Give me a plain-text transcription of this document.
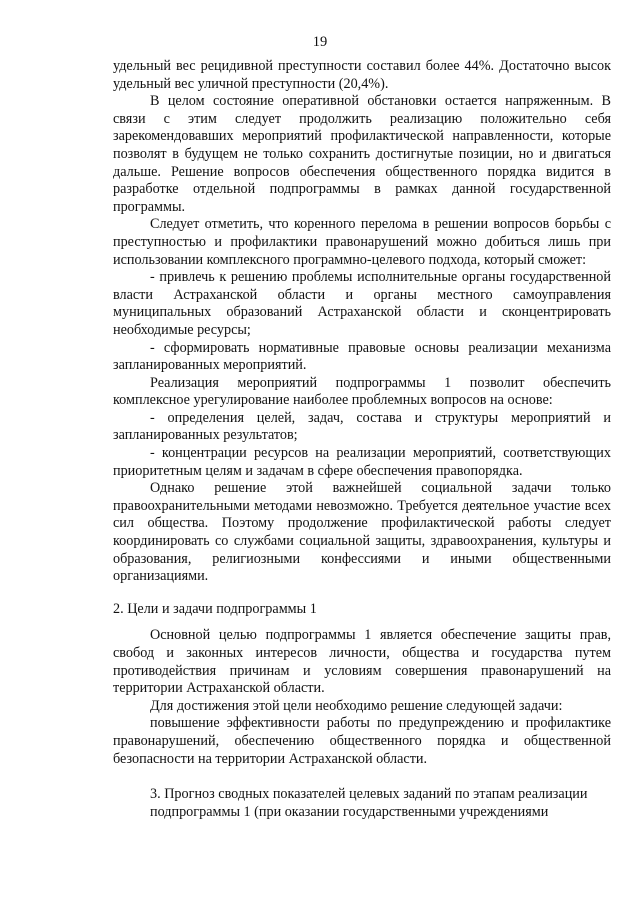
19

удельный вес рецидивной преступности составил более 44%. Достаточно высок удельный вес уличной преступности (20,4%).

В целом состояние оперативной обстановки остается напряженным. В связи с этим следует продолжить реализацию положительно себя зарекомендовавших мероприятий профилактической направленности, которые позволят в будущем не только сохранить достигнутые позиции, но и двигаться дальше. Решение вопросов обеспечения общественного порядка видится в разработке отдельной подпрограммы в рамках данной государственной программы.

Следует отметить, что коренного перелома в решении вопросов борьбы с преступностью и профилактики правонарушений можно добиться лишь при использовании комплексного программно-целевого подхода, который сможет:

- привлечь к решению проблемы исполнительные органы государственной власти Астраханской области и органы местного самоуправления муниципальных образований Астраханской области и сконцентрировать необходимые ресурсы;

- сформировать нормативные правовые основы реализации механизма запланированных мероприятий.

Реализация мероприятий подпрограммы 1 позволит обеспечить комплексное урегулирование наиболее проблемных вопросов на основе:

- определения целей, задач, состава и структуры мероприятий и запланированных результатов;

- концентрации ресурсов на реализации мероприятий, соответствующих приоритетным целям и задачам в сфере обеспечения правопорядка.

Однако решение этой важнейшей социальной задачи только правоохранительными методами невозможно. Требуется деятельное участие всех сил общества. Поэтому продолжение профилактической работы следует координировать со службами социальной защиты, здравоохранения, культуры и образования, религиозными конфессиями и иными общественными организациями.

2. Цели и задачи подпрограммы 1

Основной целью подпрограммы 1 является обеспечение защиты прав, свобод и законных интересов личности, общества и государства путем противодействия причинам и условиям совершения правонарушений на территории Астраханской области.

Для достижения этой цели необходимо решение следующей задачи:

повышение эффективности работы по предупреждению и профилактике правонарушений, обеспечению общественного порядка и общественной безопасности на территории Астраханской области.

3. Прогноз сводных показателей целевых заданий по этапам реализации

подпрограммы 1 (при оказании государственными учреждениями
